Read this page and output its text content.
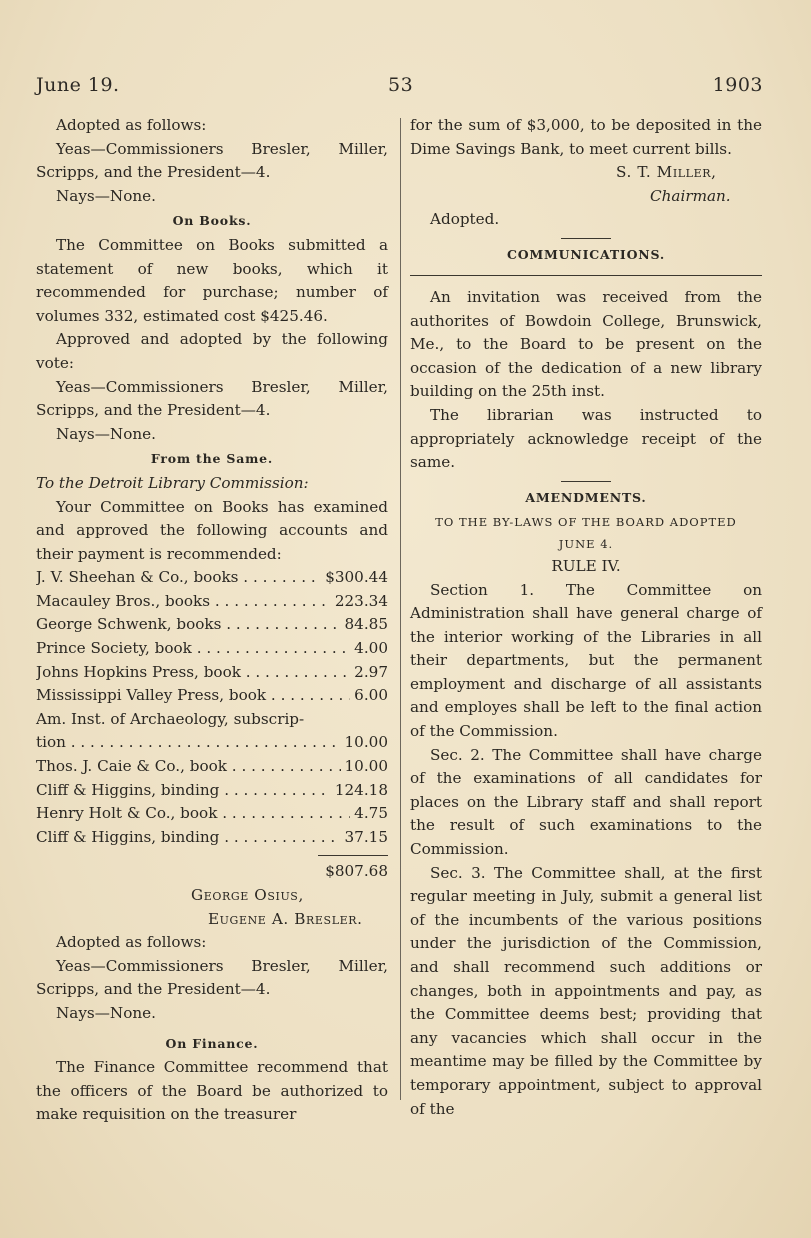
June 19.	53	1903

Adopted as follows:

Yeas—Commissioners Bresler, Miller, Scripps, and the President—4.

Nays—None.

On Books.

The Committee on Books submitted a statement of new books, which it recommended for purchase; number of volumes 332, estimated cost $425.46.

Approved and adopted by the following vote:

Yeas—Commissioners Bresler, Miller, Scripps, and the President—4.

Nays—None.

From the Same.

To the Detroit Library Commission:

Your Committee on Books has examined and approved the following accounts and their payment is recommended:

J. V. Sheehan & Co., books . . .	$300.44
Macauley Bros., books . . .	223.34
George Schwenk, books . . .	84.85
Prince Society, book . . .	4.00
Johns Hopkins Press, book . . .	2.97
Mississippi Valley Press, book . . .	6.00
Am. Inst. of Archaeology, subscrip-
tion . . .	10.00
Thos. J. Caie & Co., book . . .	10.00
Cliff & Higgins, binding . . .	124.18
Henry Holt & Co., book . . .	4.75
Cliff & Higgins, binding . . .	37.15
$807.68
George Osius,
Eugene A. Bresler.

Adopted as follows:

Yeas—Commissioners Bresler, Miller, Scripps, and the President—4.

Nays—None.

On Finance.

The Finance Committee recommend that the officers of the Board be authorized to make requisition on the treasurer

for the sum of $3,000, to be deposited in the Dime Savings Bank, to meet current bills.

S. T. Miller,
Chairman.

Adopted.

COMMUNICATIONS.

An invitation was received from the authorites of Bowdoin College, Brunswick, Me., to the Board to be present on the occasion of the dedication of a new library building on the 25th inst.

The librarian was instructed to appropriately acknowledge receipt of the same.

AMENDMENTS.
TO THE BY-LAWS OF THE BOARD ADOPTED
JUNE 4.
RULE IV.

Section 1. The Committee on Administration shall have general charge of the interior working of the Libraries in all their departments, but the permanent employment and discharge of all assistants and employes shall be left to the final action of the Commission.

Sec. 2. The Committee shall have charge of the examinations of all candidates for places on the Library staff and shall report the result of such examinations to the Commission.

Sec. 3. The Committee shall, at the first regular meeting in July, submit a general list of the incumbents of the various positions under the jurisdiction of the Commission, and shall recommend such additions or changes, both in appointments and pay, as the Committee deems best; providing that any vacancies which shall occur in the meantime may be filled by the Committee by temporary appointment, subject to approval of the
